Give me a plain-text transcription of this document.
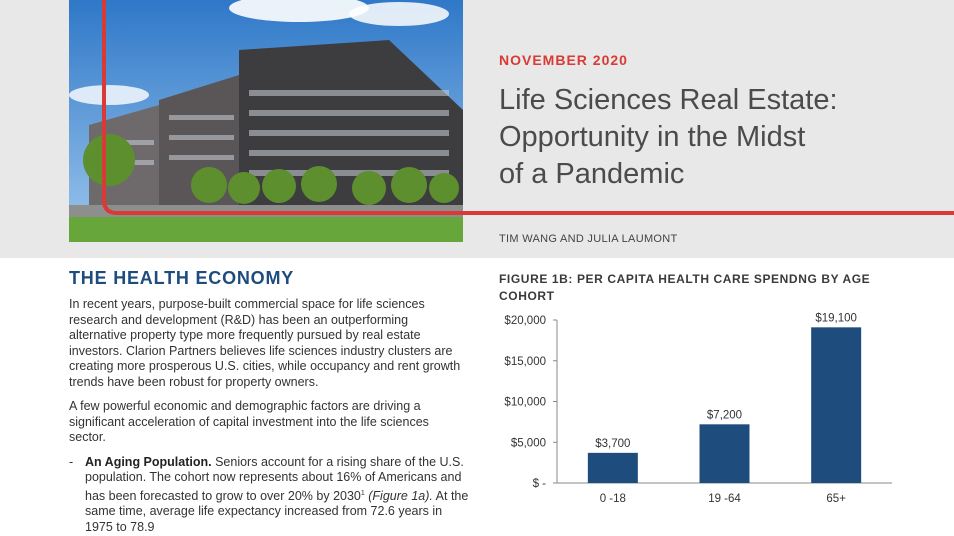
NOVEMBER 2020
Life Sciences Real Estate:
Opportunity in the Midst
of a Pandemic
TIM WANG AND JULIA LAUMONT
THE HEALTH ECONOMY

In recent years, purpose-built commercial space for life sciences research and development (R&D) has been an outperforming alternative property type more frequently pursued by real estate investors. Clarion Partners believes life sciences industry clusters are creating more prosperous U.S. cities, while occupancy and rent growth trends have been robust for property owners.

A few powerful economic and demographic factors are driving a significant acceleration of capital investment into the life sciences sector.

- An Aging Population. Seniors account for a rising share of the U.S. population. The cohort now represents about 16% of Americans and has been forecasted to grow to over 20% by 2030$^1$ (Figure 1a). At the same time, average life expectancy increased from 72.6 years in 1975 to 78.9
FIGURE 1B: PER CAPITA HEALTH CARE SPENDNG BY AGE COHORT
$ -
$5,000
$10,000
$15,000
$20,000
$3,700
0 -18
$7,200
19 -64
$19,100
65+
